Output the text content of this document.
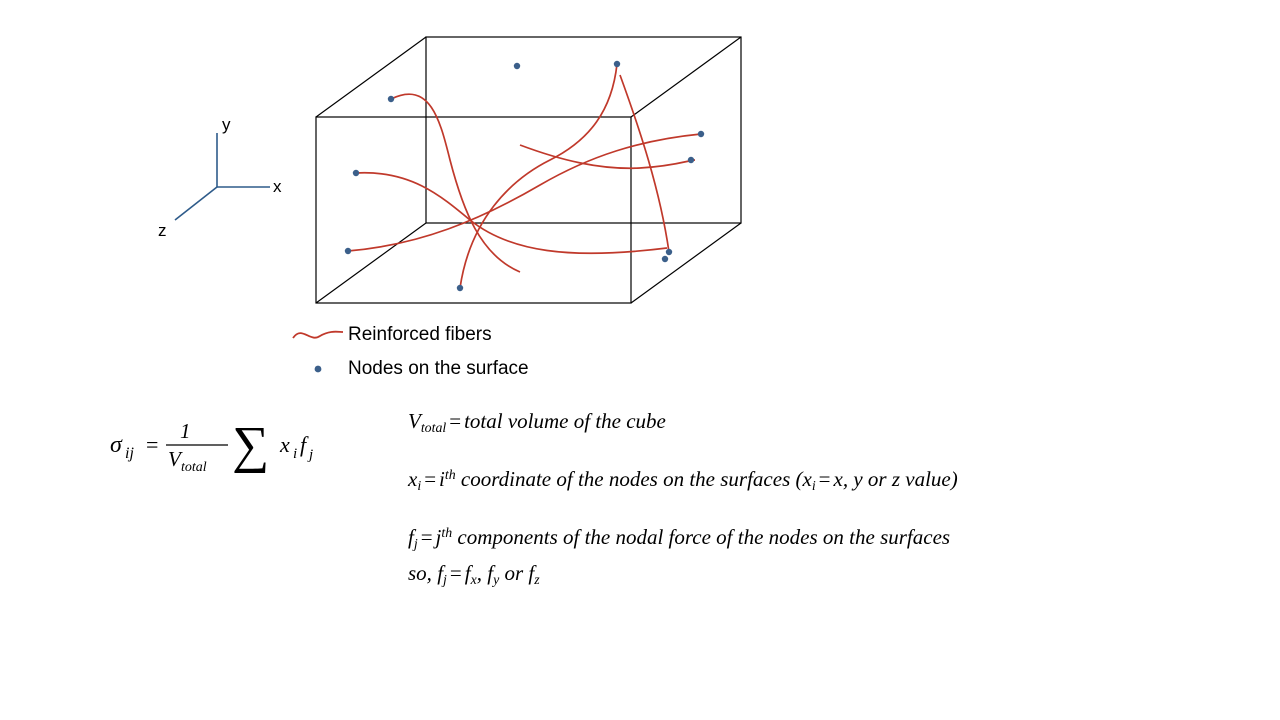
y
x
z
Reinforced fibers
Nodes on the surface
σ ij =
1
V total ∑ x i f j
$V_{total}$ = total volume of the cube
$x_i = i^{th}$ coordinate of the nodes on the surfaces ($x_i = x$, y or z value)
$f_j = j^{th}$ components of the nodal force of the nodes on the surfaces
so, $f_j = f_x$, $f_y$ or $f_z$
